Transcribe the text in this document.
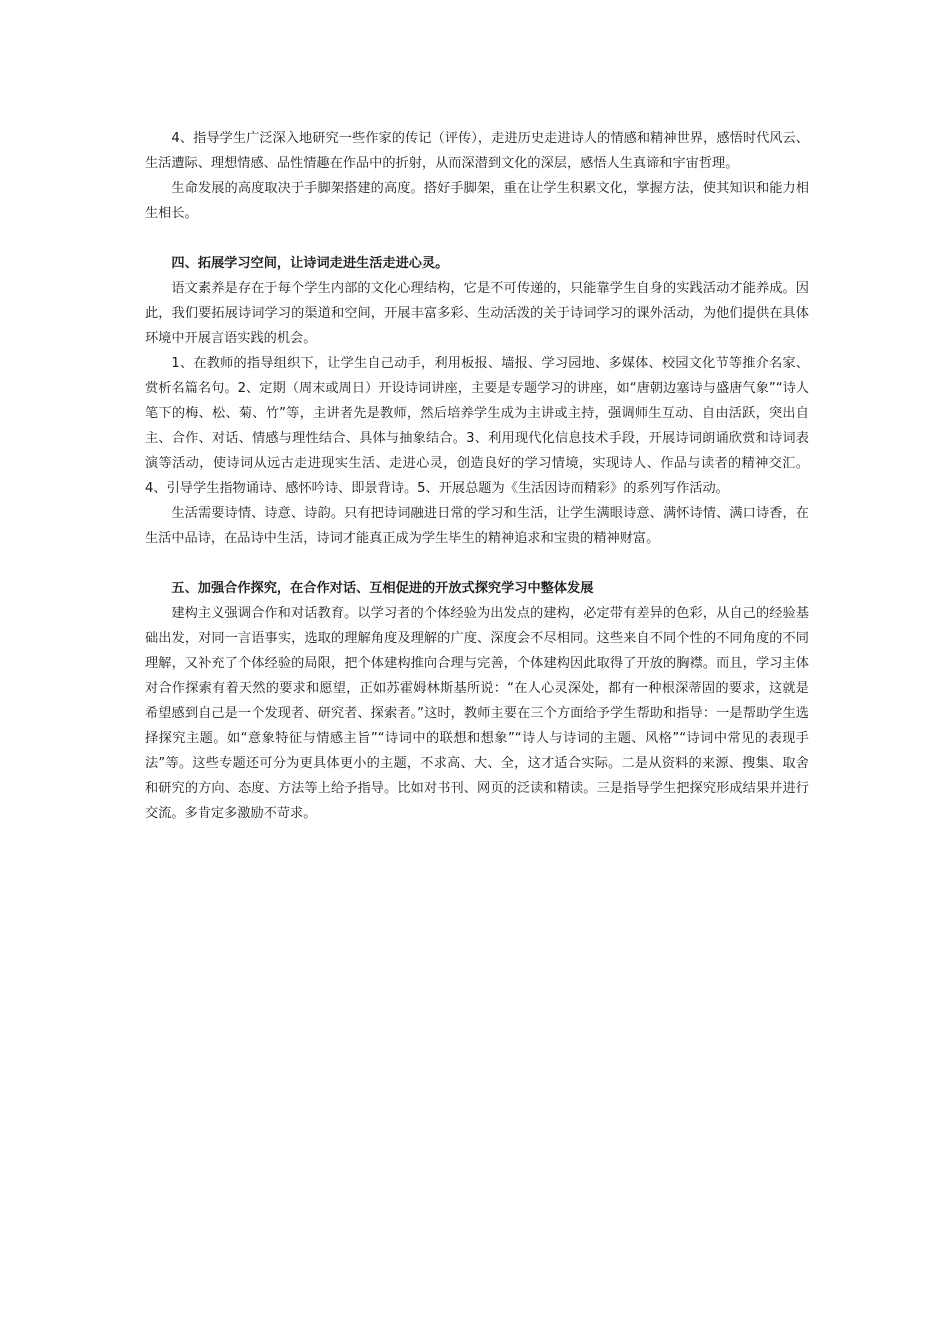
4、指导学生广泛深入地研究一些作家的传记（评传），走进历史走进诗人的情感和精神世界，感悟时代风云、生活遭际、理想情感、品性情趣在作品中的折射，从而深潜到文化的深层，感悟人生真谛和宇宙哲理。

生命发展的高度取决于手脚架搭建的高度。搭好手脚架，重在让学生积累文化，掌握方法，使其知识和能力相生相长。

四、拓展学习空间，让诗词走进生活走进心灵。

语文素养是存在于每个学生内部的文化心理结构，它是不可传递的，只能靠学生自身的实践活动才能养成。因此，我们要拓展诗词学习的渠道和空间，开展丰富多彩、生动活泼的关于诗词学习的课外活动，为他们提供在具体环境中开展言语实践的机会。

1、在教师的指导组织下，让学生自己动手，利用板报、墙报、学习园地、多媒体、校园文化节等推介名家、赏析名篇名句。2、定期（周末或周日）开设诗词讲座，主要是专题学习的讲座，如“唐朝边塞诗与盛唐气象”“诗人笔下的梅、松、菊、竹”等，主讲者先是教师，然后培养学生成为主讲或主持，强调师生互动、自由活跃，突出自主、合作、对话、情感与理性结合、具体与抽象结合。3、利用现代化信息技术手段，开展诗词朗诵欣赏和诗词表演等活动，使诗词从远古走进现实生活、走进心灵，创造良好的学习情境，实现诗人、作品与读者的精神交汇。4、引导学生指物诵诗、感怀吟诗、即景背诗。5、开展总题为《生活因诗而精彩》的系列写作活动。

生活需要诗情、诗意、诗韵。只有把诗词融进日常的学习和生活，让学生满眼诗意、满怀诗情、满口诗香，在生活中品诗，在品诗中生活，诗词才能真正成为学生毕生的精神追求和宝贵的精神财富。

五、加强合作探究，在合作对话、互相促进的开放式探究学习中整体发展

建构主义强调合作和对话教育。以学习者的个体经验为出发点的建构，必定带有差异的色彩，从自己的经验基础出发，对同一言语事实，选取的理解角度及理解的广度、深度会不尽相同。这些来自不同个性的不同角度的不同理解，又补充了个体经验的局限，把个体建构推向合理与完善，个体建构因此取得了开放的胸襟。而且，学习主体对合作探索有着天然的要求和愿望，正如苏霍姆林斯基所说：“在人心灵深处，都有一种根深蒂固的要求，这就是希望感到自己是一个发现者、研究者、探索者。”这时，教师主要在三个方面给予学生帮助和指导：一是帮助学生选择探究主题。如“意象特征与情感主旨”“诗词中的联想和想象”“诗人与诗词的主题、风格”“诗词中常见的表现手法”等。这些专题还可分为更具体更小的主题，不求高、大、全，这才适合实际。二是从资料的来源、搜集、取舍和研究的方向、态度、方法等上给予指导。比如对书刊、网页的泛读和精读。三是指导学生把探究形成结果并进行交流。多肯定多激励不苛求。
